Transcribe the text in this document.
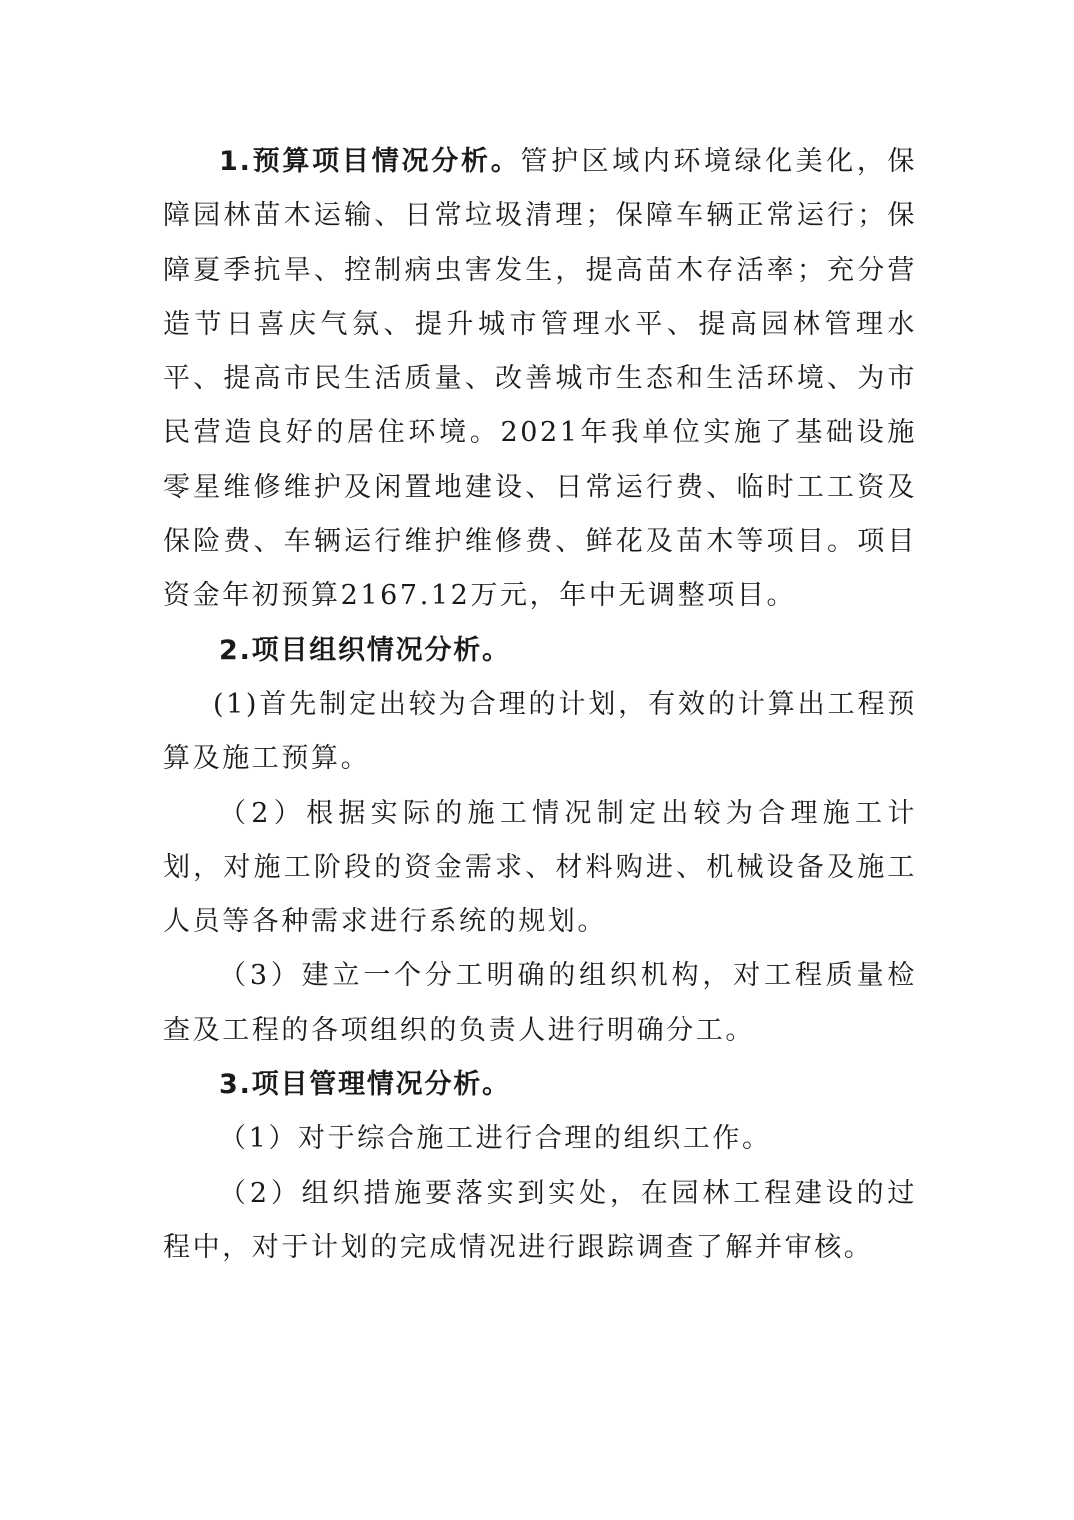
1.预算项目情况分析。管护区域内环境绿化美化，保障园林苗木运输、日常垃圾清理；保障车辆正常运行；保障夏季抗旱、控制病虫害发生，提高苗木存活率；充分营造节日喜庆气氛、提升城市管理水平、提高园林管理水平、提高市民生活质量、改善城市生态和生活环境、为市民营造良好的居住环境。2021年我单位实施了基础设施零星维修维护及闲置地建设、日常运行费、临时工工资及保险费、车辆运行维护维修费、鲜花及苗木等项目。项目资金年初预算2167.12万元，年中无调整项目。

2.项目组织情况分析。

(1)首先制定出较为合理的计划，有效的计算出工程预算及施工预算。

（2）根据实际的施工情况制定出较为合理施工计划，对施工阶段的资金需求、材料购进、机械设备及施工人员等各种需求进行系统的规划。

（3）建立一个分工明确的组织机构，对工程质量检查及工程的各项组织的负责人进行明确分工。

3.项目管理情况分析。

（1）对于综合施工进行合理的组织工作。

（2）组织措施要落实到实处，在园林工程建设的过程中，对于计划的完成情况进行跟踪调查了解并审核。
